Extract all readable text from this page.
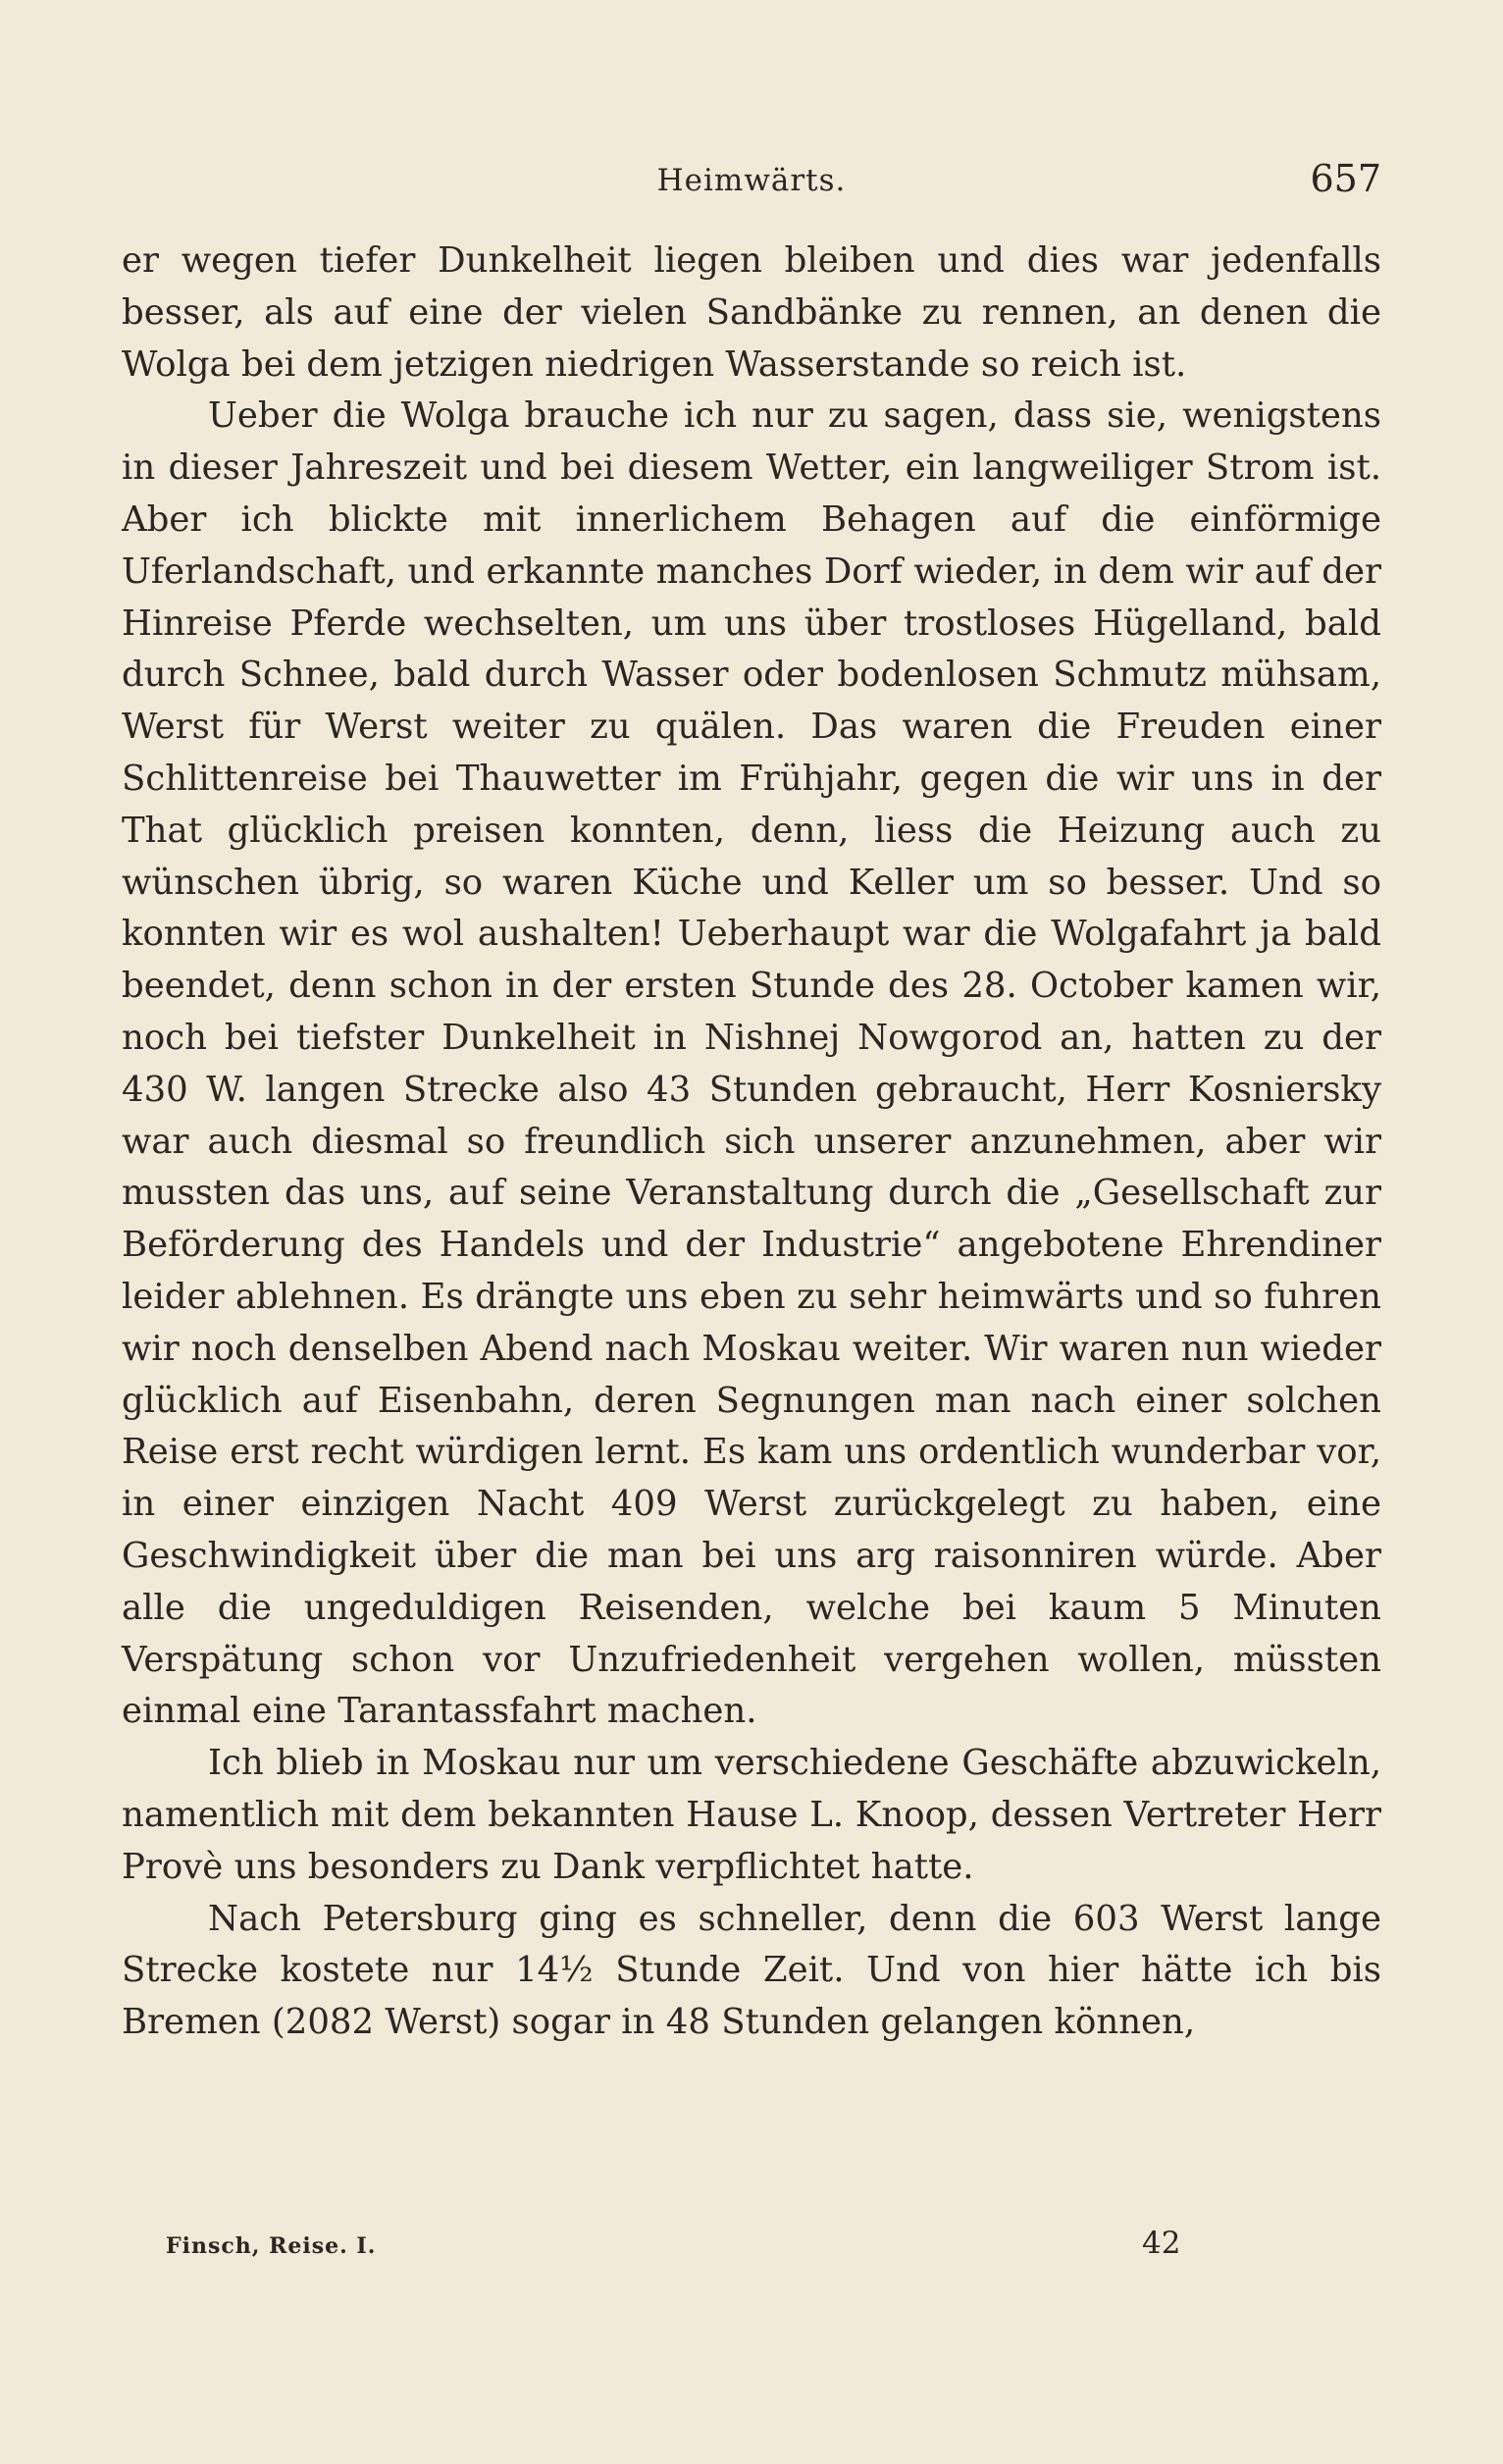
Heimwärts.	657

er wegen tiefer Dunkelheit liegen bleiben und dies war jedenfalls besser, als auf eine der vielen Sandbänke zu rennen, an denen die Wolga bei dem jetzigen niedrigen Wasserstande so reich ist.

Ueber die Wolga brauche ich nur zu sagen, dass sie, wenigstens in dieser Jahreszeit und bei diesem Wetter, ein langweiliger Strom ist. Aber ich blickte mit innerlichem Behagen auf die einförmige Uferlandschaft, und erkannte manches Dorf wieder, in dem wir auf der Hinreise Pferde wechselten, um uns über trostloses Hügelland, bald durch Schnee, bald durch Wasser oder bodenlosen Schmutz mühsam, Werst für Werst weiter zu quälen. Das waren die Freuden einer Schlittenreise bei Thauwetter im Frühjahr, gegen die wir uns in der That glücklich preisen konnten, denn, liess die Heizung auch zu wünschen übrig, so waren Küche und Keller um so besser. Und so konnten wir es wol aushalten! Ueberhaupt war die Wolgafahrt ja bald beendet, denn schon in der ersten Stunde des 28. October kamen wir, noch bei tiefster Dunkelheit in Nishnej Nowgorod an, hatten zu der 430 W. langen Strecke also 43 Stunden gebraucht, Herr Kosniersky war auch diesmal so freundlich sich unserer anzunehmen, aber wir mussten das uns, auf seine Veranstaltung durch die „Gesellschaft zur Beförderung des Handels und der Industrie“ angebotene Ehrendiner leider ablehnen. Es drängte uns eben zu sehr heimwärts und so fuhren wir noch denselben Abend nach Moskau weiter. Wir waren nun wieder glücklich auf Eisenbahn, deren Segnungen man nach einer solchen Reise erst recht würdigen lernt. Es kam uns ordentlich wunderbar vor, in einer einzigen Nacht 409 Werst zurückgelegt zu haben, eine Geschwindigkeit über die man bei uns arg raisonniren würde. Aber alle die ungeduldigen Reisenden, welche bei kaum 5 Minuten Verspätung schon vor Unzufriedenheit vergehen wollen, müssten einmal eine Tarantassfahrt machen.

Ich blieb in Moskau nur um verschiedene Geschäfte abzuwickeln, namentlich mit dem bekannten Hause L. Knoop, dessen Vertreter Herr Provè uns besonders zu Dank verpflichtet hatte.

Nach Petersburg ging es schneller, denn die 603 Werst lange Strecke kostete nur 14½ Stunde Zeit. Und von hier hätte ich bis Bremen (2082 Werst) sogar in 48 Stunden gelangen können,

Finsch, Reise. I.	42
